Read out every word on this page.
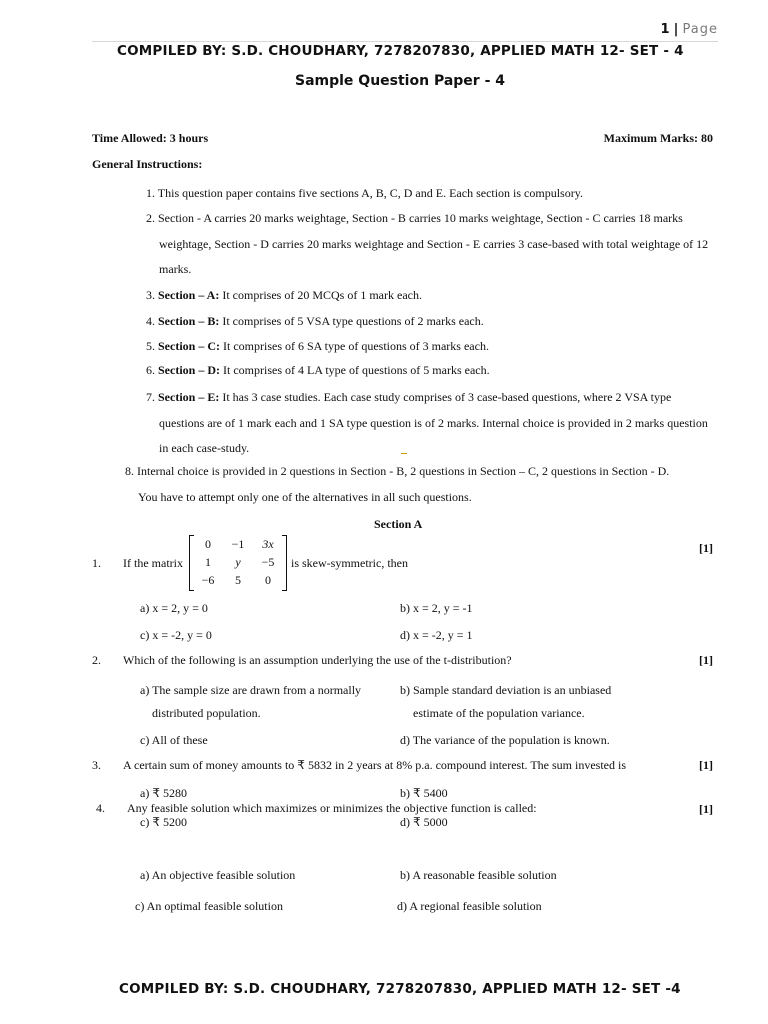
1 | Page
COMPILED BY: S.D. CHOUDHARY, 7278207830, APPLIED MATH 12- SET - 4
Sample Question Paper - 4
Time Allowed: 3 hours	Maximum Marks: 80
General Instructions:
1. This question paper contains five sections A, B, C, D and E. Each section is compulsory.
2. Section - A carries 20 marks weightage, Section - B carries 10 marks weightage, Section - C carries 18 marks
weightage, Section - D carries 20 marks weightage and Section - E carries 3 case-based with total weightage of 12
marks.
3. Section – A: It comprises of 20 MCQs of 1 mark each.
4. Section – B: It comprises of 5 VSA type questions of 2 marks each.
5. Section – C: It comprises of 6 SA type of questions of 3 marks each.
6. Section – D: It comprises of 4 LA type of questions of 5 marks each.
7. Section – E: It has 3 case studies. Each case study comprises of 3 case-based questions, where 2 VSA type
questions are of 1 mark each and 1 SA type question is of 2 marks. Internal choice is provided in 2 marks question
in each case-study.
8. Internal choice is provided in 2 questions in Section - B, 2 questions in Section – C, 2 questions in Section - D.
You have to attempt only one of the alternatives in all such questions.
Section A
1. If the matrix
0	−1	3x
1	y	−5
−6	5	0
is skew-symmetric, then
[1]
a) x = 2, y = 0	b) x = 2, y = -1
c) x = -2, y = 0	d) x = -2, y = 1
2. Which of the following is an assumption underlying the use of the t-distribution?	[1]
a) The sample size are drawn from a normally
distributed population.
b) Sample standard deviation is an unbiased
estimate of the population variance.
c) All of these	d) The variance of the population is known.
3. A certain sum of money amounts to ₹ 5832 in 2 years at 8% p.a. compound interest. The sum invested is	[1]
a) ₹ 5280	b) ₹ 5400
4. Any feasible solution which maximizes or minimizes the objective function is called:	[1]
c) ₹ 5200	d) ₹ 5000
a) An objective feasible solution	b) A reasonable feasible solution
c) An optimal feasible solution	d) A regional feasible solution
COMPILED BY: S.D. CHOUDHARY, 7278207830, APPLIED MATH 12- SET -4
